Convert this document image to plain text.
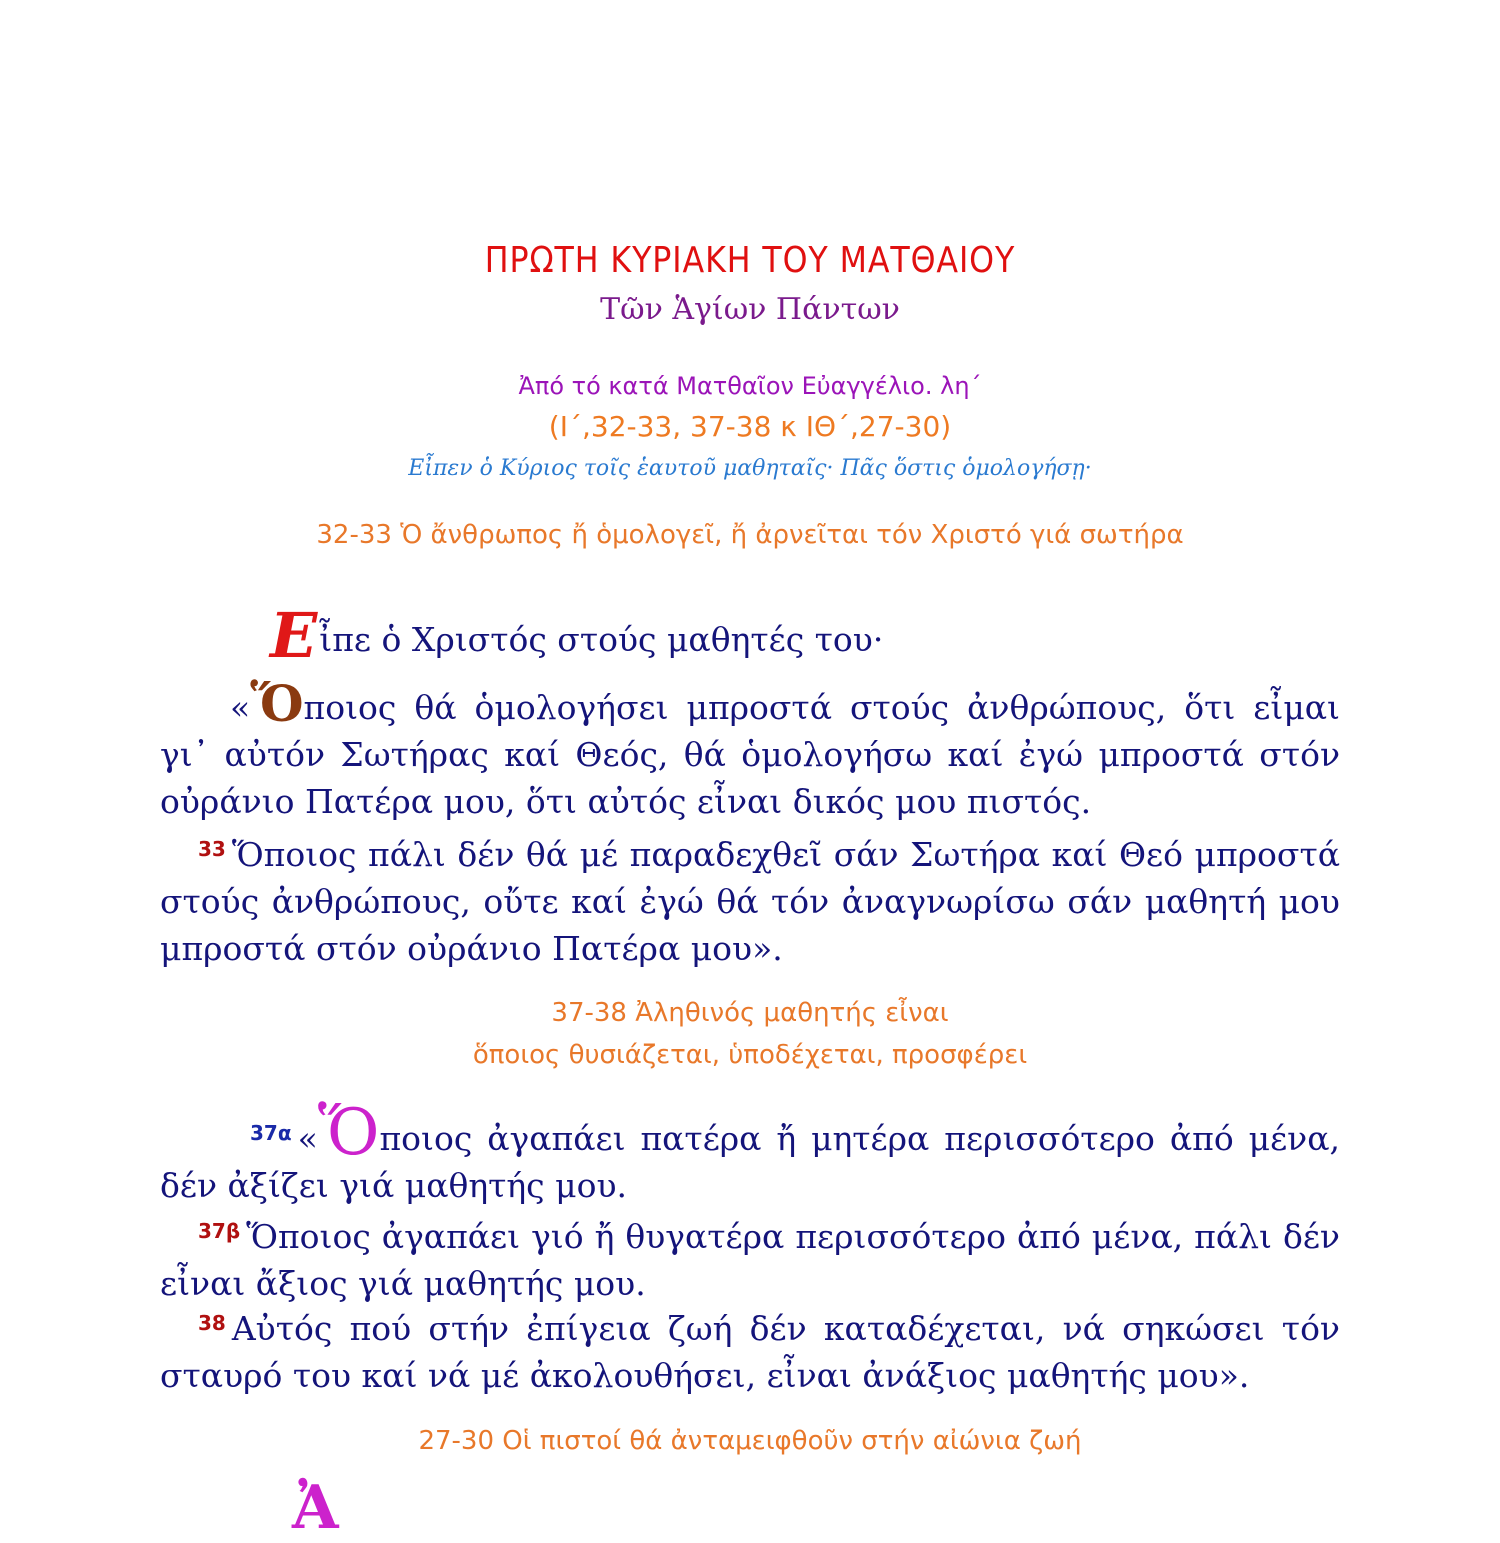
ΠΡΩΤΗ ΚΥΡΙΑΚΗ ΤΟΥ ΜΑΤΘΑΙΟΥ
Τῶν Ἁγίων Πάντων
Ἀπό τό κατά Ματθαῖον Εὐαγγέλιο. λη΄
(Ι΄,32-33, 37-38 κ ΙΘ΄,27-30)
Εἶπεν ὁ Κύριος τοῖς ἑαυτοῦ μαθηταῖς· Πᾶς ὅστις ὁμολογήσῃ·
32-33 Ὁ ἄνθρωπος ἤ ὁμολογεῖ, ἤ ἀρνεῖται τόν Χριστό γιά σωτήρα
Εἶπε ὁ Χριστός στούς μαθητές του·
«Ὅποιος θά ὁμολογήσει μπροστά στούς ἀνθρώπους, ὅτι εἶμαι γι᾽ αὐτόν Σωτήρας καί Θεός, θά ὁμολογήσω καί ἐγώ μπροστά στόν οὐράνιο Πατέρα μου, ὅτι αὐτός εἶναι δικός μου πιστός.
$^{33}$ Ὅποιος πάλι δέν θά μέ παραδεχθεῖ σάν Σωτήρα καί Θεό μπροστά στούς ἀνθρώπους, οὔτε καί ἐγώ θά τόν ἀναγνωρίσω σάν μαθητή μου μπροστά στόν οὐράνιο Πατέρα μου».
37-38 Ἀληθινός μαθητής εἶναι
ὅποιος θυσιάζεται, ὑποδέχεται, προσφέρει
$^{37\alpha}$ «Ὅποιος ἀγαπάει πατέρα ἤ μητέρα περισσότερο ἀπό μένα, δέν ἀξίζει γιά μαθητής μου.
$^{37\beta}$ Ὅποιος ἀγαπάει γιό ἤ θυγατέρα περισσότερο ἀπό μένα, πάλι δέν εἶναι ἄξιος γιά μαθητής μου.
$^{38}$ Αὐτός πού στήν ἐπίγεια ζωή δέν καταδέχεται, νά σηκώσει τόν σταυρό του καί νά μέ ἀκολουθήσει, εἶναι ἀνάξιος μαθητής μου».
27-30 Οἱ πιστοί θά ἀνταμειφθοῦν στήν αἰώνια ζωή
Ἀ
